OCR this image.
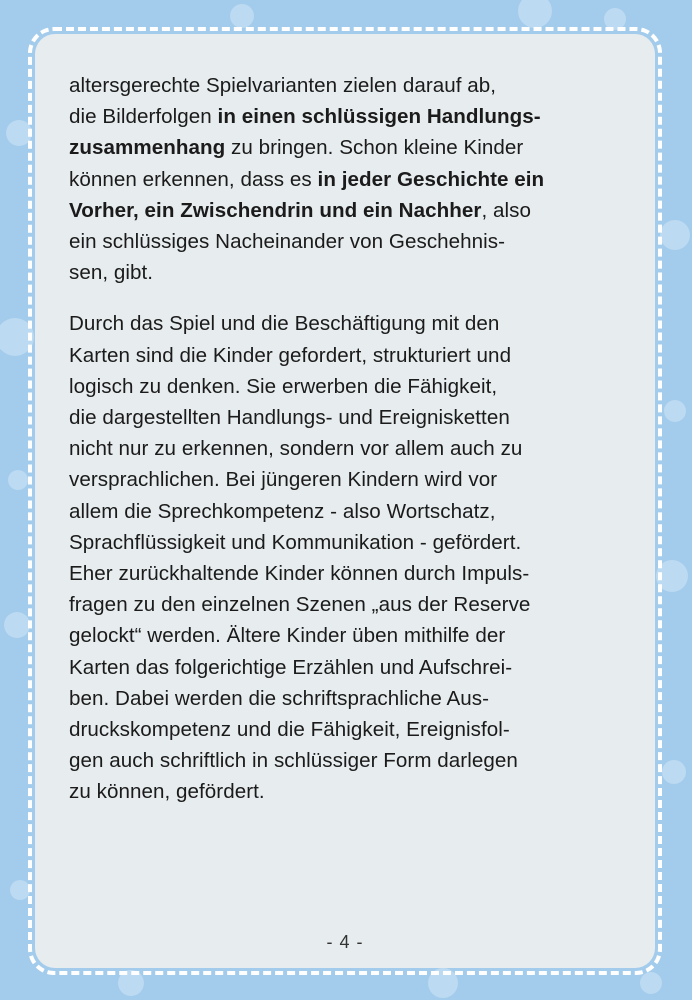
altersgerechte Spielvarianten zielen darauf ab,
die Bilderfolgen in einen schlüssigen Handlungs-
zusammenhang zu bringen. Schon kleine Kinder
können erkennen, dass es in jeder Geschichte ein
Vorher, ein Zwischendrin und ein Nachher, also
ein schlüssiges Nacheinander von Geschehnis-
sen, gibt.

Durch das Spiel und die Beschäftigung mit den
Karten sind die Kinder gefordert, strukturiert und
logisch zu denken. Sie erwerben die Fähigkeit,
die dargestellten Handlungs- und Ereignisketten
nicht nur zu erkennen, sondern vor allem auch zu
versprachlichen. Bei jüngeren Kindern wird vor
allem die Sprechkompetenz - also Wortschatz,
Sprachflüssigkeit und Kommunikation - gefördert.
Eher zurückhaltende Kinder können durch Impuls-
fragen zu den einzelnen Szenen „aus der Reserve
gelockt“ werden. Ältere Kinder üben mithilfe der
Karten das folgerichtige Erzählen und Aufschrei-
ben. Dabei werden die schriftsprachliche Aus-
druckskompetenz und die Fähigkeit, Ereignisfol-
gen auch schriftlich in schlüssiger Form darlegen
zu können, gefördert.

- 4 -
